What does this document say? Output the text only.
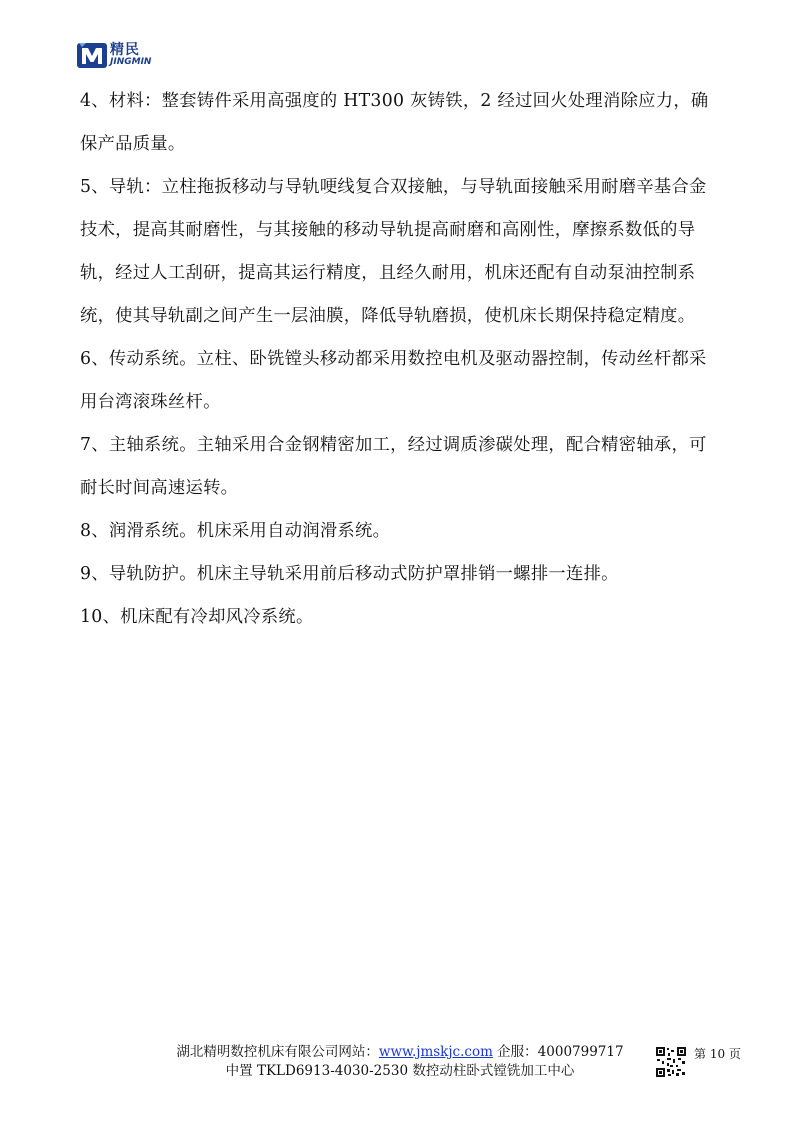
精民
JINGMIN

4、材料：整套铸件采用高强度的 HT300 灰铸铁，2 经过回火处理消除应力，确保产品质量。

5、导轨：立柱拖扳移动与导轨哽线复合双接触，与导轨面接触采用耐磨辛基合金技术，提高其耐磨性，与其接触的移动导轨提高耐磨和高刚性，摩擦系数低的导轨，经过人工刮研，提高其运行精度，且经久耐用，机床还配有自动泵油控制系统，使其导轨副之间产生一层油膜，降低导轨磨损，使机床长期保持稳定精度。

6、传动系统。立柱、卧铣镗头移动都采用数控电机及驱动器控制，传动丝杆都采用台湾滚珠丝杆。

7、主轴系统。主轴采用合金钢精密加工，经过调质渗碳处理，配合精密轴承，可耐长时间高速运转。

8、润滑系统。机床采用自动润滑系统。

9、导轨防护。机床主导轨采用前后移动式防护罩排销一螺排一连排。

10、机床配有冷却风冷系统。

湖北精明数控机床有限公司网站：www.jmskjc.com 企服：4000799717
中置 TKLD6913-4030-2530 数控动柱卧式镗铣加工中心
第 10 页
